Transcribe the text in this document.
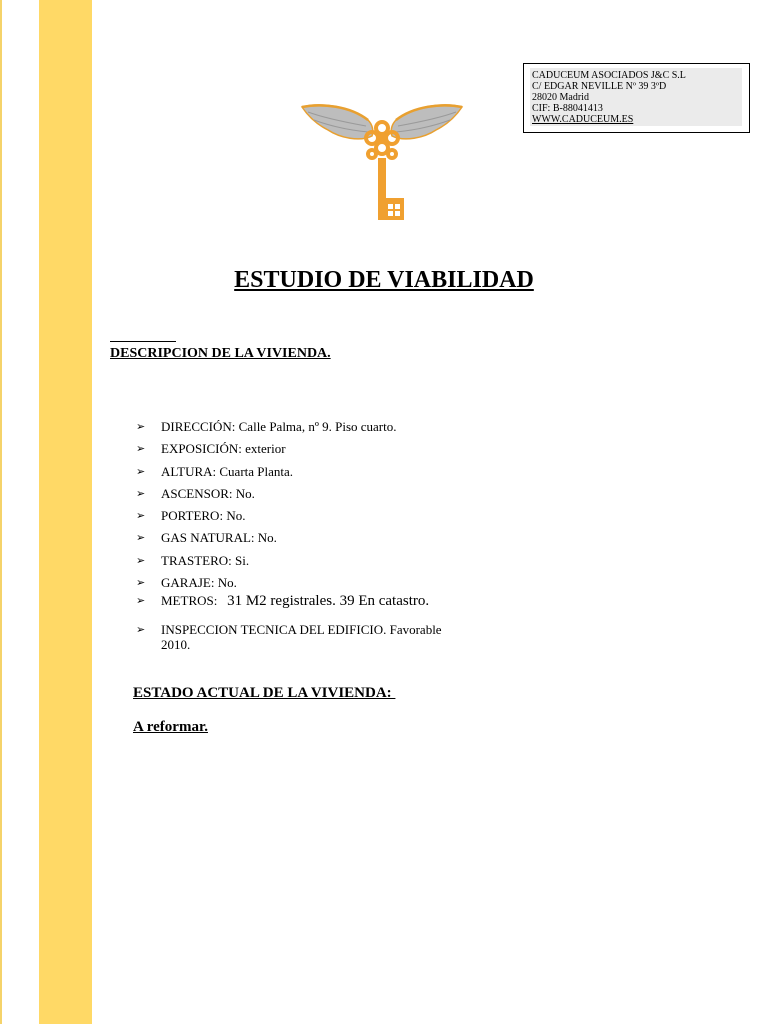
CADUCEUM ASOCIADOS J&C S.L
C/ EDGAR NEVILLE Nº 39 3ºD
28020 Madrid
CIF: B-88041413
WWW.CADUCEUM.ES
ESTUDIO DE VIABILIDAD
DESCRIPCION DE LA VIVIENDA.
➢ DIRECCIÓN: Calle Palma, nº 9. Piso cuarto.
➢ EXPOSICIÓN: exterior
➢ ALTURA: Cuarta Planta.
➢ ASCENSOR: No.
➢ PORTERO: No.
➢ GAS NATURAL: No.
➢ TRASTERO: Si.
➢ GARAJE: No.
➢ METROS: 31 M2 registrales. 39 En catastro.
➢ INSPECCION TECNICA DEL EDIFICIO. Favorable 2010.
ESTADO ACTUAL DE LA VIVIENDA:
A reformar.
